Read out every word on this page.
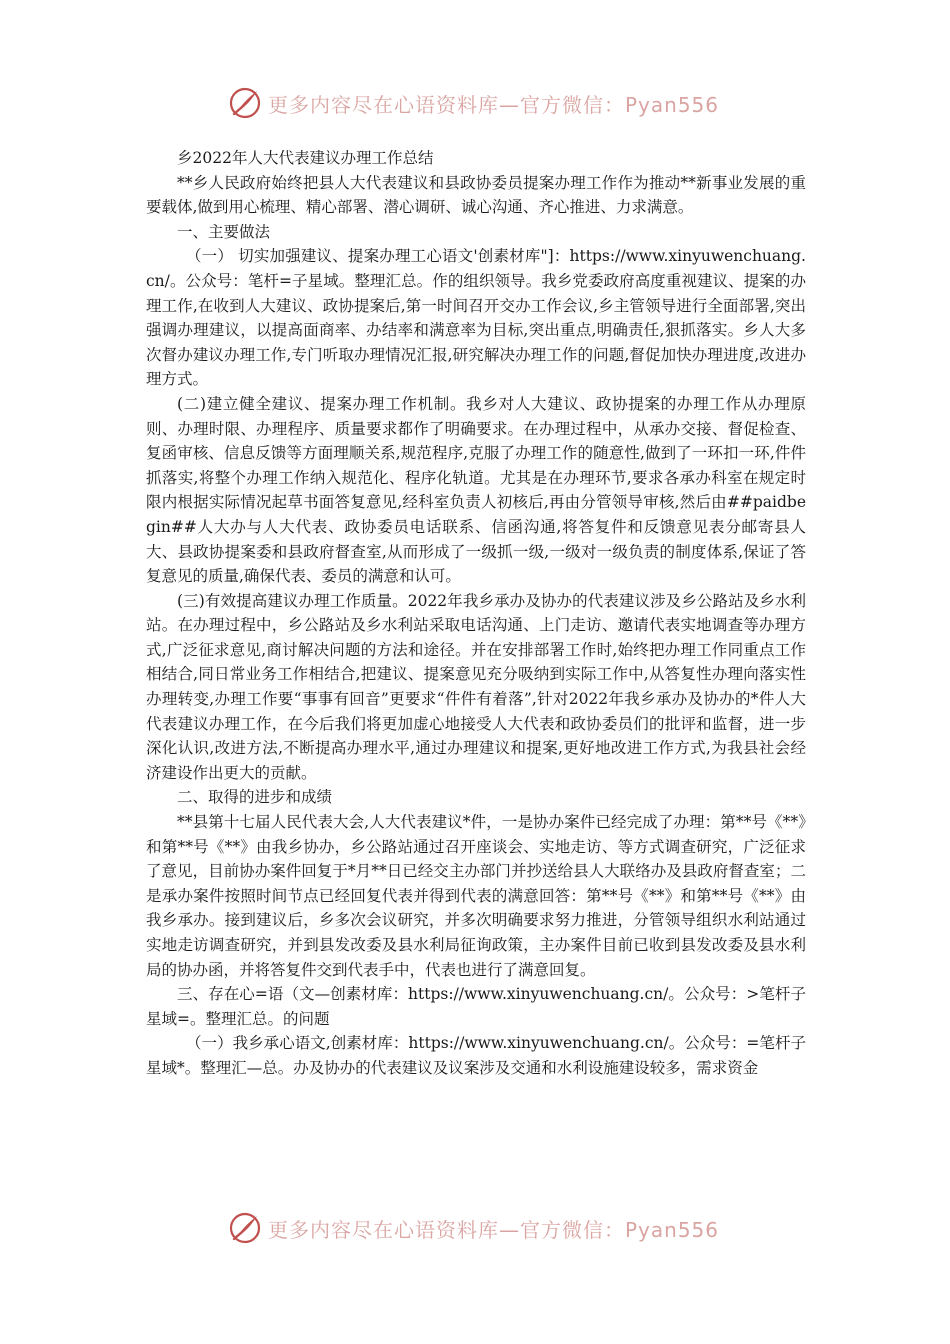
更多内容尽在心语资料库—官方微信：Pyan556

乡2022年人大代表建议办理工作总结

**乡人民政府始终把县人大代表建议和县政协委员提案办理工作作为推动**新事业发展的重要载体,做到用心梳理、精心部署、潜心调研、诚心沟通、齐心推进、力求满意。

一、主要做法

（一） 切实加强建议、提案办理工心语文'创素材库"]：https://www.xinyuwenchuang.cn/。公众号：笔杆=子星域。整理汇总。作的组织领导。我乡党委政府高度重视建议、提案的办理工作,在收到人大建议、政协提案后,第一时间召开交办工作会议,乡主管领导进行全面部署,突出强调办理建议，以提高面商率、办结率和满意率为目标,突出重点,明确责任,狠抓落实。乡人大多次督办建议办理工作,专门听取办理情况汇报,研究解决办理工作的问题,督促加快办理进度,改进办理方式。

(二)建立健全建议、提案办理工作机制。我乡对人大建议、政协提案的办理工作从办理原则、办理时限、办理程序、质量要求都作了明确要求。在办理过程中，从承办交接、督促检查、复函审核、信息反馈等方面理顺关系,规范程序,克服了办理工作的随意性,做到了一环扣一环,件件抓落实,将整个办理工作纳入规范化、程序化轨道。尤其是在办理环节,要求各承办科室在规定时限内根据实际情况起草书面答复意见,经科室负责人初核后,再由分管领导审核,然后由##paidbegin##人大办与人大代表、政协委员电话联系、信函沟通,将答复件和反馈意见表分邮寄县人大、县政协提案委和县政府督查室,从而形成了一级抓一级,一级对一级负责的制度体系,保证了答复意见的质量,确保代表、委员的满意和认可。

(三)有效提高建议办理工作质量。2022年我乡承办及协办的代表建议涉及乡公路站及乡水利站。在办理过程中，乡公路站及乡水利站采取电话沟通、上门走访、邀请代表实地调查等办理方式,广泛征求意见,商讨解决问题的方法和途径。并在安排部署工作时,始终把办理工作同重点工作相结合,同日常业务工作相结合,把建议、提案意见充分吸纳到实际工作中,从答复性办理向落实性办理转变,办理工作要“事事有回音”更要求“件件有着落”,针对2022年我乡承办及协办的*件人大代表建议办理工作，在今后我们将更加虚心地接受人大代表和政协委员们的批评和监督，进一步深化认识,改进方法,不断提高办理水平,通过办理建议和提案,更好地改进工作方式,为我县社会经济建设作出更大的贡献。

二、取得的进步和成绩

**县第十七届人民代表大会,人大代表建议*件，一是协办案件已经完成了办理：第**号《**》和第**号《**》由我乡协办，乡公路站通过召开座谈会、实地走访、等方式调查研究，广泛征求了意见，目前协办案件回复于*月**日已经交主办部门并抄送给县人大联络办及县政府督查室；二是承办案件按照时间节点已经回复代表并得到代表的满意回答：第**号《**》和第**号《**》由我乡承办。接到建议后，乡多次会议研究，并多次明确要求努力推进，分管领导组织水利站通过实地走访调查研究，并到县发改委及县水利局征询政策，主办案件目前已收到县发改委及县水利局的协办函，并将答复件交到代表手中，代表也进行了满意回复。

三、存在心=语（文—创素材库：https://www.xinyuwenchuang.cn/。公众号：>笔杆子星域=。整理汇总。的问题

（一）我乡承心语文,创素材库：https://www.xinyuwenchuang.cn/。公众号：=笔杆子星域*。整理汇—总。办及协办的代表建议及议案涉及交通和水利设施建设较多，需求资金

更多内容尽在心语资料库—官方微信：Pyan556
